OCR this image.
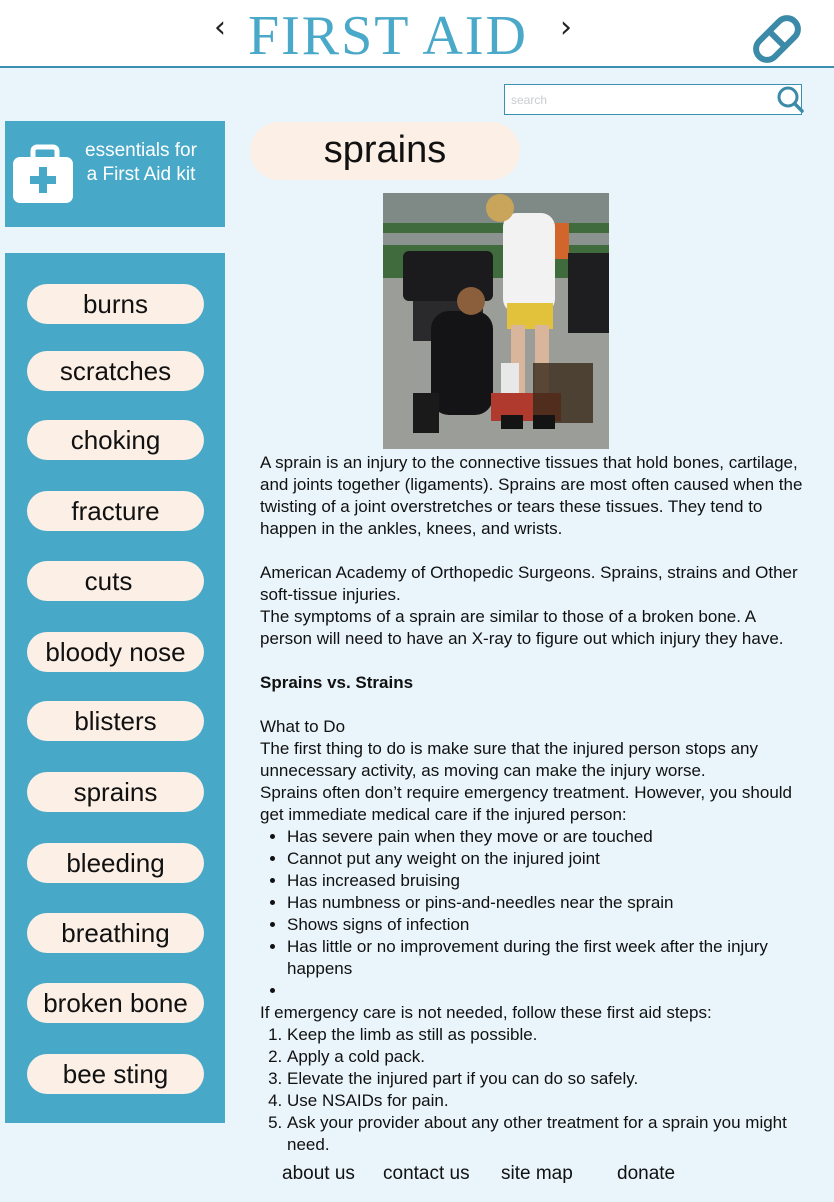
‹ FIRST AID ›
search
essentials for a First Aid kit
burns
scratches
choking
fracture
cuts
bloody nose
blisters
sprains
bleeding
breathing
broken bone
bee sting
sprains

A sprain is an injury to the connective tissues that hold bones, cartilage, and joints together (ligaments). Sprains are most often caused when the twisting of a joint overstretches or tears these tissues. They tend to happen in the ankles, knees, and wrists.

American Academy of Orthopedic Surgeons. Sprains, strains and Other soft-tissue injuries.

The symptoms of a sprain are similar to those of a broken bone. A person will need to have an X-ray to figure out which injury they have.

Sprains vs. Strains

What to Do

The first thing to do is make sure that the injured person stops any unnecessary activity, as moving can make the injury worse.

Sprains often don’t require emergency treatment. However, you should get immediate medical care if the injured person:

• Has severe pain when they move or are touched
• Cannot put any weight on the injured joint
• Has increased bruising
• Has numbness or pins-and-needles near the sprain
• Shows signs of infection
• Has little or no improvement during the first week after the injury happens
•

If emergency care is not needed, follow these first aid steps:

1. Keep the limb as still as possible.
2. Apply a cold pack.
3. Elevate the injured part if you can do so safely.
4. Use NSAIDs for pain.
5. Ask your provider about any other treatment for a sprain you might need.
about us contact us site map donate
